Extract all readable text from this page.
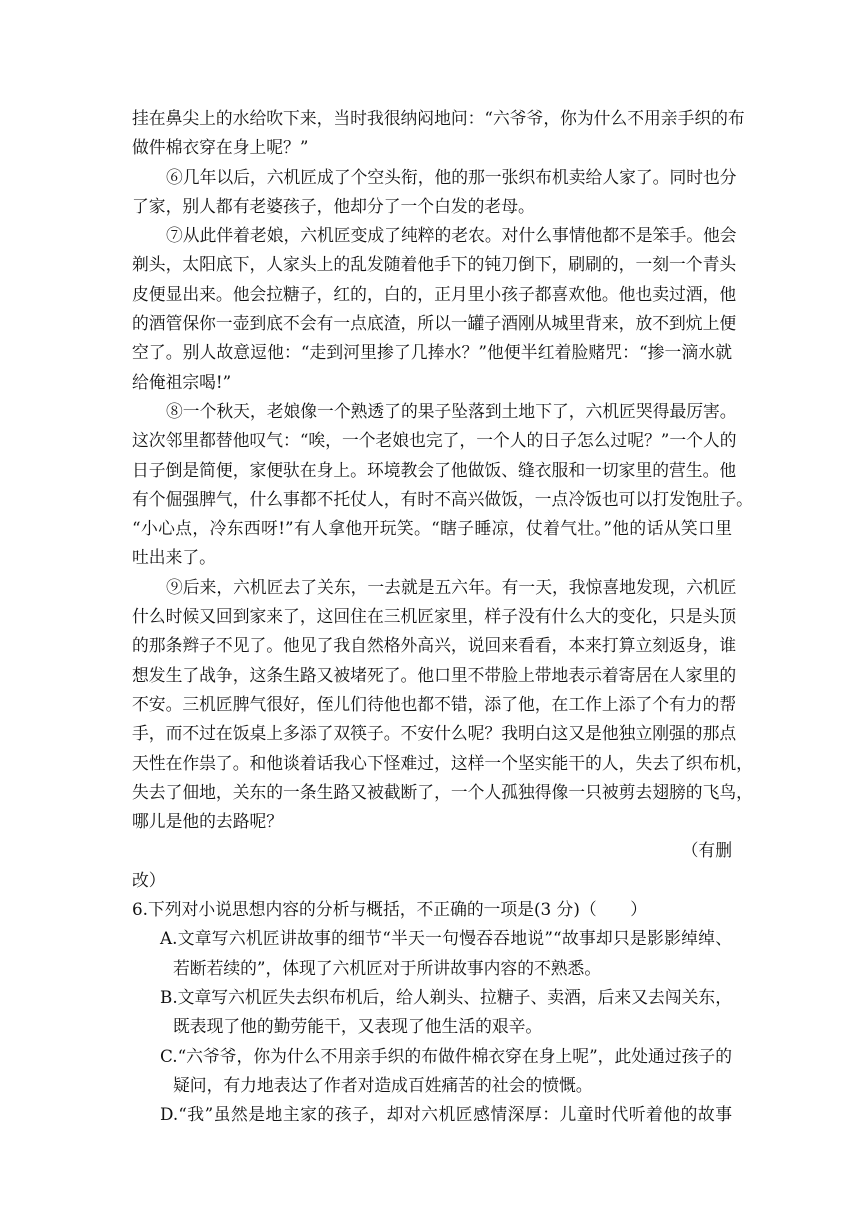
挂在鼻尖上的水给吹下来，当时我很纳闷地问：“六爷爷，你为什么不用亲手织的布
做件棉衣穿在身上呢？”
⑥几年以后，六机匠成了个空头衔，他的那一张织布机卖给人家了。同时也分
了家，别人都有老婆孩子，他却分了一个白发的老母。
⑦从此伴着老娘，六机匠变成了纯粹的老农。对什么事情他都不是笨手。他会
剃头，太阳底下，人家头上的乱发随着他手下的钝刀倒下，刷刷的，一刻一个青头
皮便显出来。他会拉糖子，红的，白的，正月里小孩子都喜欢他。他也卖过酒，他
的酒管保你一壶到底不会有一点底渣，所以一罐子酒刚从城里背来，放不到炕上便
空了。别人故意逗他：“走到河里掺了几捧水？”他便半红着脸赌咒：“掺一滴水就
给俺祖宗喝!”
⑧一个秋天，老娘像一个熟透了的果子坠落到土地下了，六机匠哭得最厉害。
这次邻里都替他叹气：“唉，一个老娘也完了，一个人的日子怎么过呢？”一个人的
日子倒是简便，家便驮在身上。环境教会了他做饭、缝衣服和一切家里的营生。他
有个倔强脾气，什么事都不托仗人，有时不高兴做饭，一点冷饭也可以打发饱肚子。
“小心点，冷东西呀!”有人拿他开玩笑。“瞎子睡凉，仗着气壮。”他的话从笑口里
吐出来了。
⑨后来，六机匠去了关东，一去就是五六年。有一天，我惊喜地发现，六机匠
什么时候又回到家来了，这回住在三机匠家里，样子没有什么大的变化，只是头顶
的那条辫子不见了。他见了我自然格外高兴，说回来看看，本来打算立刻返身，谁
想发生了战争，这条生路又被堵死了。他口里不带脸上带地表示着寄居在人家里的
不安。三机匠脾气很好，侄儿们待他也都不错，添了他，在工作上添了个有力的帮
手，而不过在饭桌上多添了双筷子。不安什么呢？我明白这又是他独立刚强的那点
天性在作祟了。和他谈着话我心下怪难过，这样一个坚实能干的人，失去了织布机，
失去了佃地，关东的一条生路又被截断了，一个人孤独得像一只被剪去翅膀的飞鸟，
哪儿是他的去路呢？
（有删
改）
6.下列对小说思想内容的分析与概括，不正确的一项是(3 分)（　　）
A.文章写六机匠讲故事的细节“半天一句慢吞吞地说”“故事却只是影影绰绰、
若断若续的”，体现了六机匠对于所讲故事内容的不熟悉。
B.文章写六机匠失去织布机后，给人剃头、拉糖子、卖酒，后来又去闯关东，
既表现了他的勤劳能干，又表现了他生活的艰辛。
C.“六爷爷，你为什么不用亲手织的布做件棉衣穿在身上呢”，此处通过孩子的
疑问，有力地表达了作者对造成百姓痛苦的社会的愤慨。
D.“我”虽然是地主家的孩子，却对六机匠感情深厚：儿童时代听着他的故事
